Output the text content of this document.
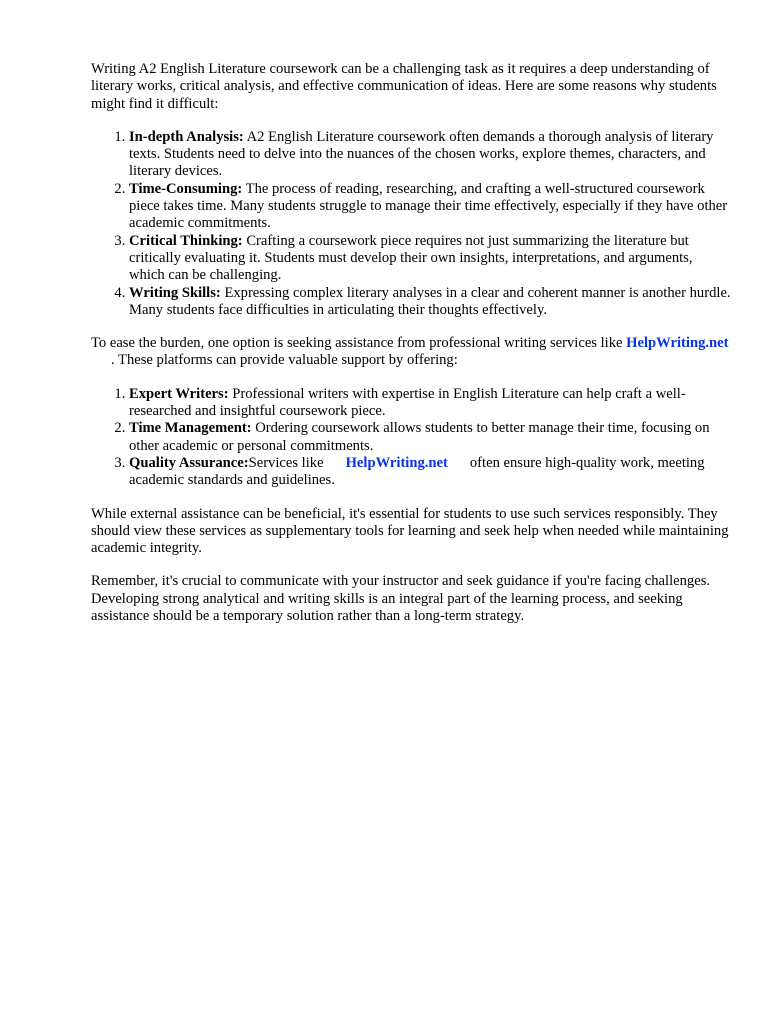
Writing A2 English Literature coursework can be a challenging task as it requires a deep understanding of literary works, critical analysis, and effective communication of ideas. Here are some reasons why students might find it difficult:

1. In-depth Analysis: A2 English Literature coursework often demands a thorough analysis of literary texts. Students need to delve into the nuances of the chosen works, explore themes, characters, and literary devices.
2. Time-Consuming: The process of reading, researching, and crafting a well-structured coursework piece takes time. Many students struggle to manage their time effectively, especially if they have other academic commitments.
3. Critical Thinking: Crafting a coursework piece requires not just summarizing the literature but critically evaluating it. Students must develop their own insights, interpretations, and arguments, which can be challenging.
4. Writing Skills: Expressing complex literary analyses in a clear and coherent manner is another hurdle. Many students face difficulties in articulating their thoughts effectively.

To ease the burden, one option is seeking assistance from professional writing services like HelpWriting.net. These platforms can provide valuable support by offering:

1. Expert Writers: Professional writers with expertise in English Literature can help craft a well-researched and insightful coursework piece.
2. Time Management: Ordering coursework allows students to better manage their time, focusing on other academic or personal commitments.
3. Quality Assurance:Services like HelpWriting.net often ensure high-quality work, meeting academic standards and guidelines.

While external assistance can be beneficial, it's essential for students to use such services responsibly. They should view these services as supplementary tools for learning and seek help when needed while maintaining academic integrity.

Remember, it's crucial to communicate with your instructor and seek guidance if you're facing challenges. Developing strong analytical and writing skills is an integral part of the learning process, and seeking assistance should be a temporary solution rather than a long-term strategy.
